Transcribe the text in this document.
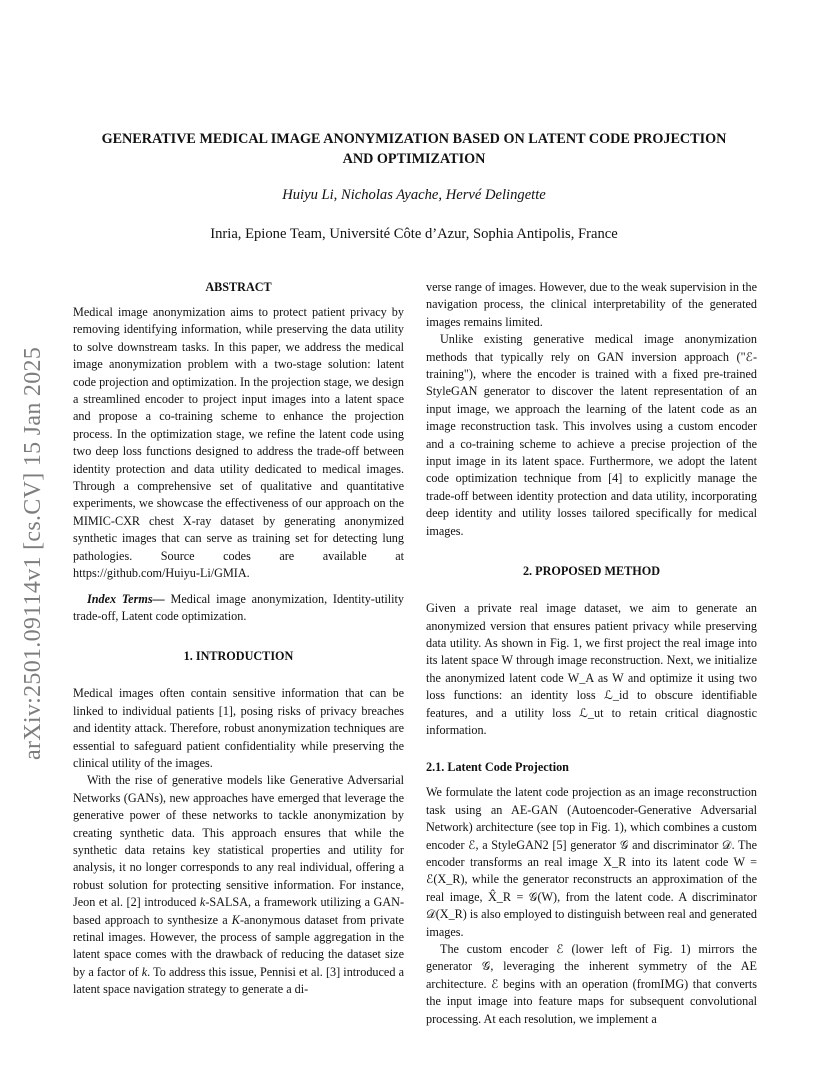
arXiv:2501.09114v1 [cs.CV] 15 Jan 2025
GENERATIVE MEDICAL IMAGE ANONYMIZATION BASED ON LATENT CODE PROJECTION AND OPTIMIZATION
Huiyu Li, Nicholas Ayache, Hervé Delingette
Inria, Epione Team, Université Côte d’Azur, Sophia Antipolis, France
ABSTRACT

Medical image anonymization aims to protect patient privacy by removing identifying information, while preserving the data utility to solve downstream tasks. In this paper, we address the medical image anonymization problem with a two-stage solution: latent code projection and optimization. In the projection stage, we design a streamlined encoder to project input images into a latent space and propose a co-training scheme to enhance the projection process. In the optimization stage, we refine the latent code using two deep loss functions designed to address the trade-off between identity protection and data utility dedicated to medical images. Through a comprehensive set of qualitative and quantitative experiments, we showcase the effectiveness of our approach on the MIMIC-CXR chest X-ray dataset by generating anonymized synthetic images that can serve as training set for detecting lung pathologies. Source codes are available at https://github.com/Huiyu-Li/GMIA.

Index Terms— Medical image anonymization, Identity-utility trade-off, Latent code optimization.

1. INTRODUCTION

Medical images often contain sensitive information that can be linked to individual patients [1], posing risks of privacy breaches and identity attack. Therefore, robust anonymization techniques are essential to safeguard patient confidentiality while preserving the clinical utility of the images.

With the rise of generative models like Generative Adversarial Networks (GANs), new approaches have emerged that leverage the generative power of these networks to tackle anonymization by creating synthetic data. This approach ensures that while the synthetic data retains key statistical properties and utility for analysis, it no longer corresponds to any real individual, offering a robust solution for protecting sensitive information. For instance, Jeon et al. [2] introduced k-SALSA, a framework utilizing a GAN-based approach to synthesize a K-anonymous dataset from private retinal images. However, the process of sample aggregation in the latent space comes with the drawback of reducing the dataset size by a factor of k. To address this issue, Pennisi et al. [3] introduced a latent space navigation strategy to generate a di-

verse range of images. However, due to the weak supervision in the navigation process, the clinical interpretability of the generated images remains limited.

Unlike existing generative medical image anonymization methods that typically rely on GAN inversion approach ("ℰ-training"), where the encoder is trained with a fixed pre-trained StyleGAN generator to discover the latent representation of an input image, we approach the learning of the latent code as an image reconstruction task. This involves using a custom encoder and a co-training scheme to achieve a precise projection of the input image in its latent space. Furthermore, we adopt the latent code optimization technique from [4] to explicitly manage the trade-off between identity protection and data utility, incorporating deep identity and utility losses tailored specifically for medical images.

2. PROPOSED METHOD

Given a private real image dataset, we aim to generate an anonymized version that ensures patient privacy while preserving data utility. As shown in Fig. 1, we first project the real image into its latent space W through image reconstruction. Next, we initialize the anonymized latent code W_A as W and optimize it using two loss functions: an identity loss ℒ_id to obscure identifiable features, and a utility loss ℒ_ut to retain critical diagnostic information.

2.1. Latent Code Projection

We formulate the latent code projection as an image reconstruction task using an AE-GAN (Autoencoder-Generative Adversarial Network) architecture (see top in Fig. 1), which combines a custom encoder ℰ, a StyleGAN2 [5] generator 𝒢 and discriminator 𝒟. The encoder transforms an real image X_R into its latent code W = ℰ(X_R), while the generator reconstructs an approximation of the real image, X̂_R = 𝒢(W), from the latent code. A discriminator 𝒟(X_R) is also employed to distinguish between real and generated images.

The custom encoder ℰ (lower left of Fig. 1) mirrors the generator 𝒢, leveraging the inherent symmetry of the AE architecture. ℰ begins with an operation (fromIMG) that converts the input image into feature maps for subsequent convolutional processing. At each resolution, we implement a
